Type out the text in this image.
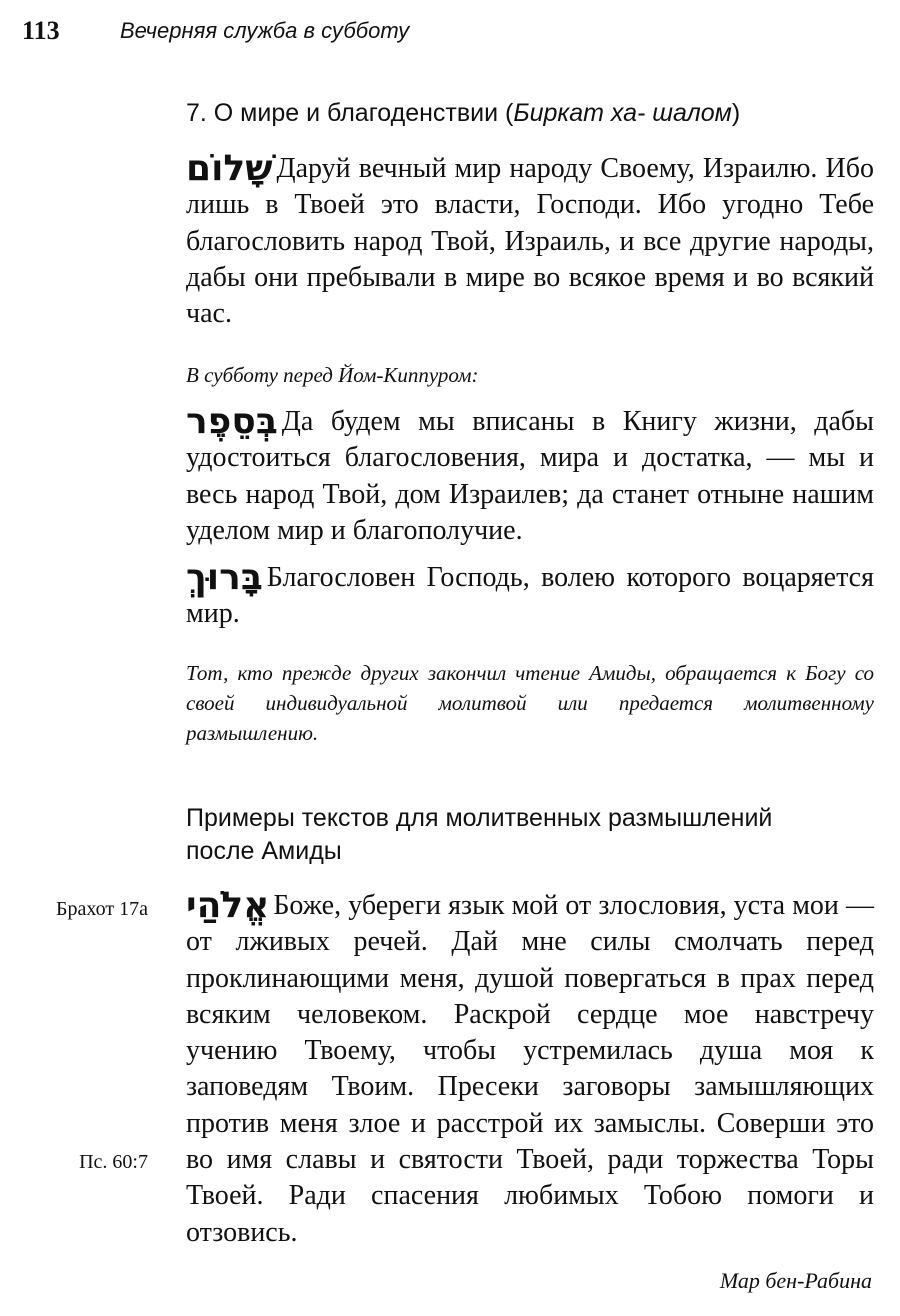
113	Вечерняя служба в субботу
7. О мире и благоденствии (Биркат ха- шалом)
שָׁלוֹם Даруй вечный мир народу Своему, Израилю. Ибо лишь в Твоей это власти, Господи. Ибо угодно Тебе благословить народ Твой, Израиль, и все другие народы, дабы они пребывали в мире во всякое время и во всякий час.
В субботу перед Йом-Киппуром:
בְּסֵפֶר Да будем мы вписаны в Книгу жизни, дабы удостоиться благословения, мира и достатка, — мы и весь народ Твой, дом Израилев; да станет отныне нашим уделом мир и благополучие.
בָּרוּךְ Благословен Господь, волею которого воцаряется мир.
Тот, кто прежде других закончил чтение Амиды, обращается к Богу со своей индивидуальной молитвой или предается молитвенному размышлению.
Примеры текстов для молитвенных размышлений
после Амиды
Брахот 17а אֱלֹהַי Боже, убереги язык мой от злословия, уста мои — от лживых речей. Дай мне силы смолчать перед проклинающими меня, душой повергаться в прах перед всяким человеком. Раскрой сердце мое навстречу учению Твоему, чтобы устремилась душа моя к заповедям Твоим. Пресеки заговоры замышляющих против меня злое и расстрой их замыслы. Соверши это во имя славы и святости Твоей, ради торжества Торы Твоей. Ради спасения любимых Тобою помоги и отзовись.
Пс. 60:7
Мар бен-Рабина
